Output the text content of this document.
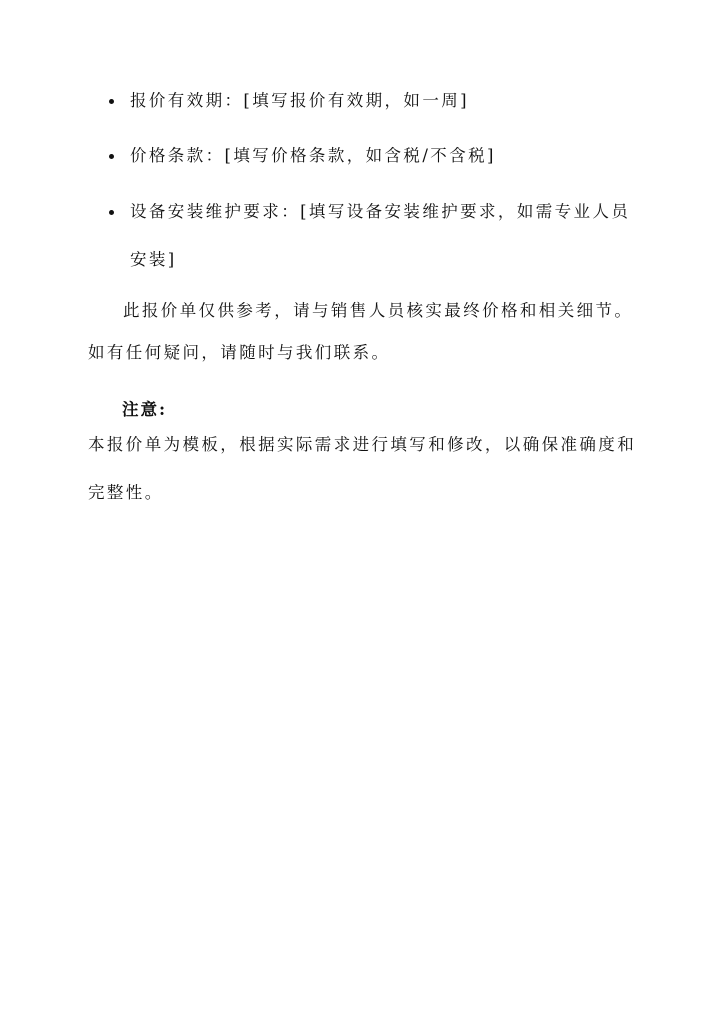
报价有效期：[填写报价有效期，如一周]
价格条款：[填写价格条款，如含税/不含税]
设备安装维护要求：[填写设备安装维护要求，如需专业人员安装]

此报价单仅供参考，请与销售人员核实最终价格和相关细节。如有任何疑问，请随时与我们联系。

注意:

本报价单为模板，根据实际需求进行填写和修改，以确保准确度和完整性。
